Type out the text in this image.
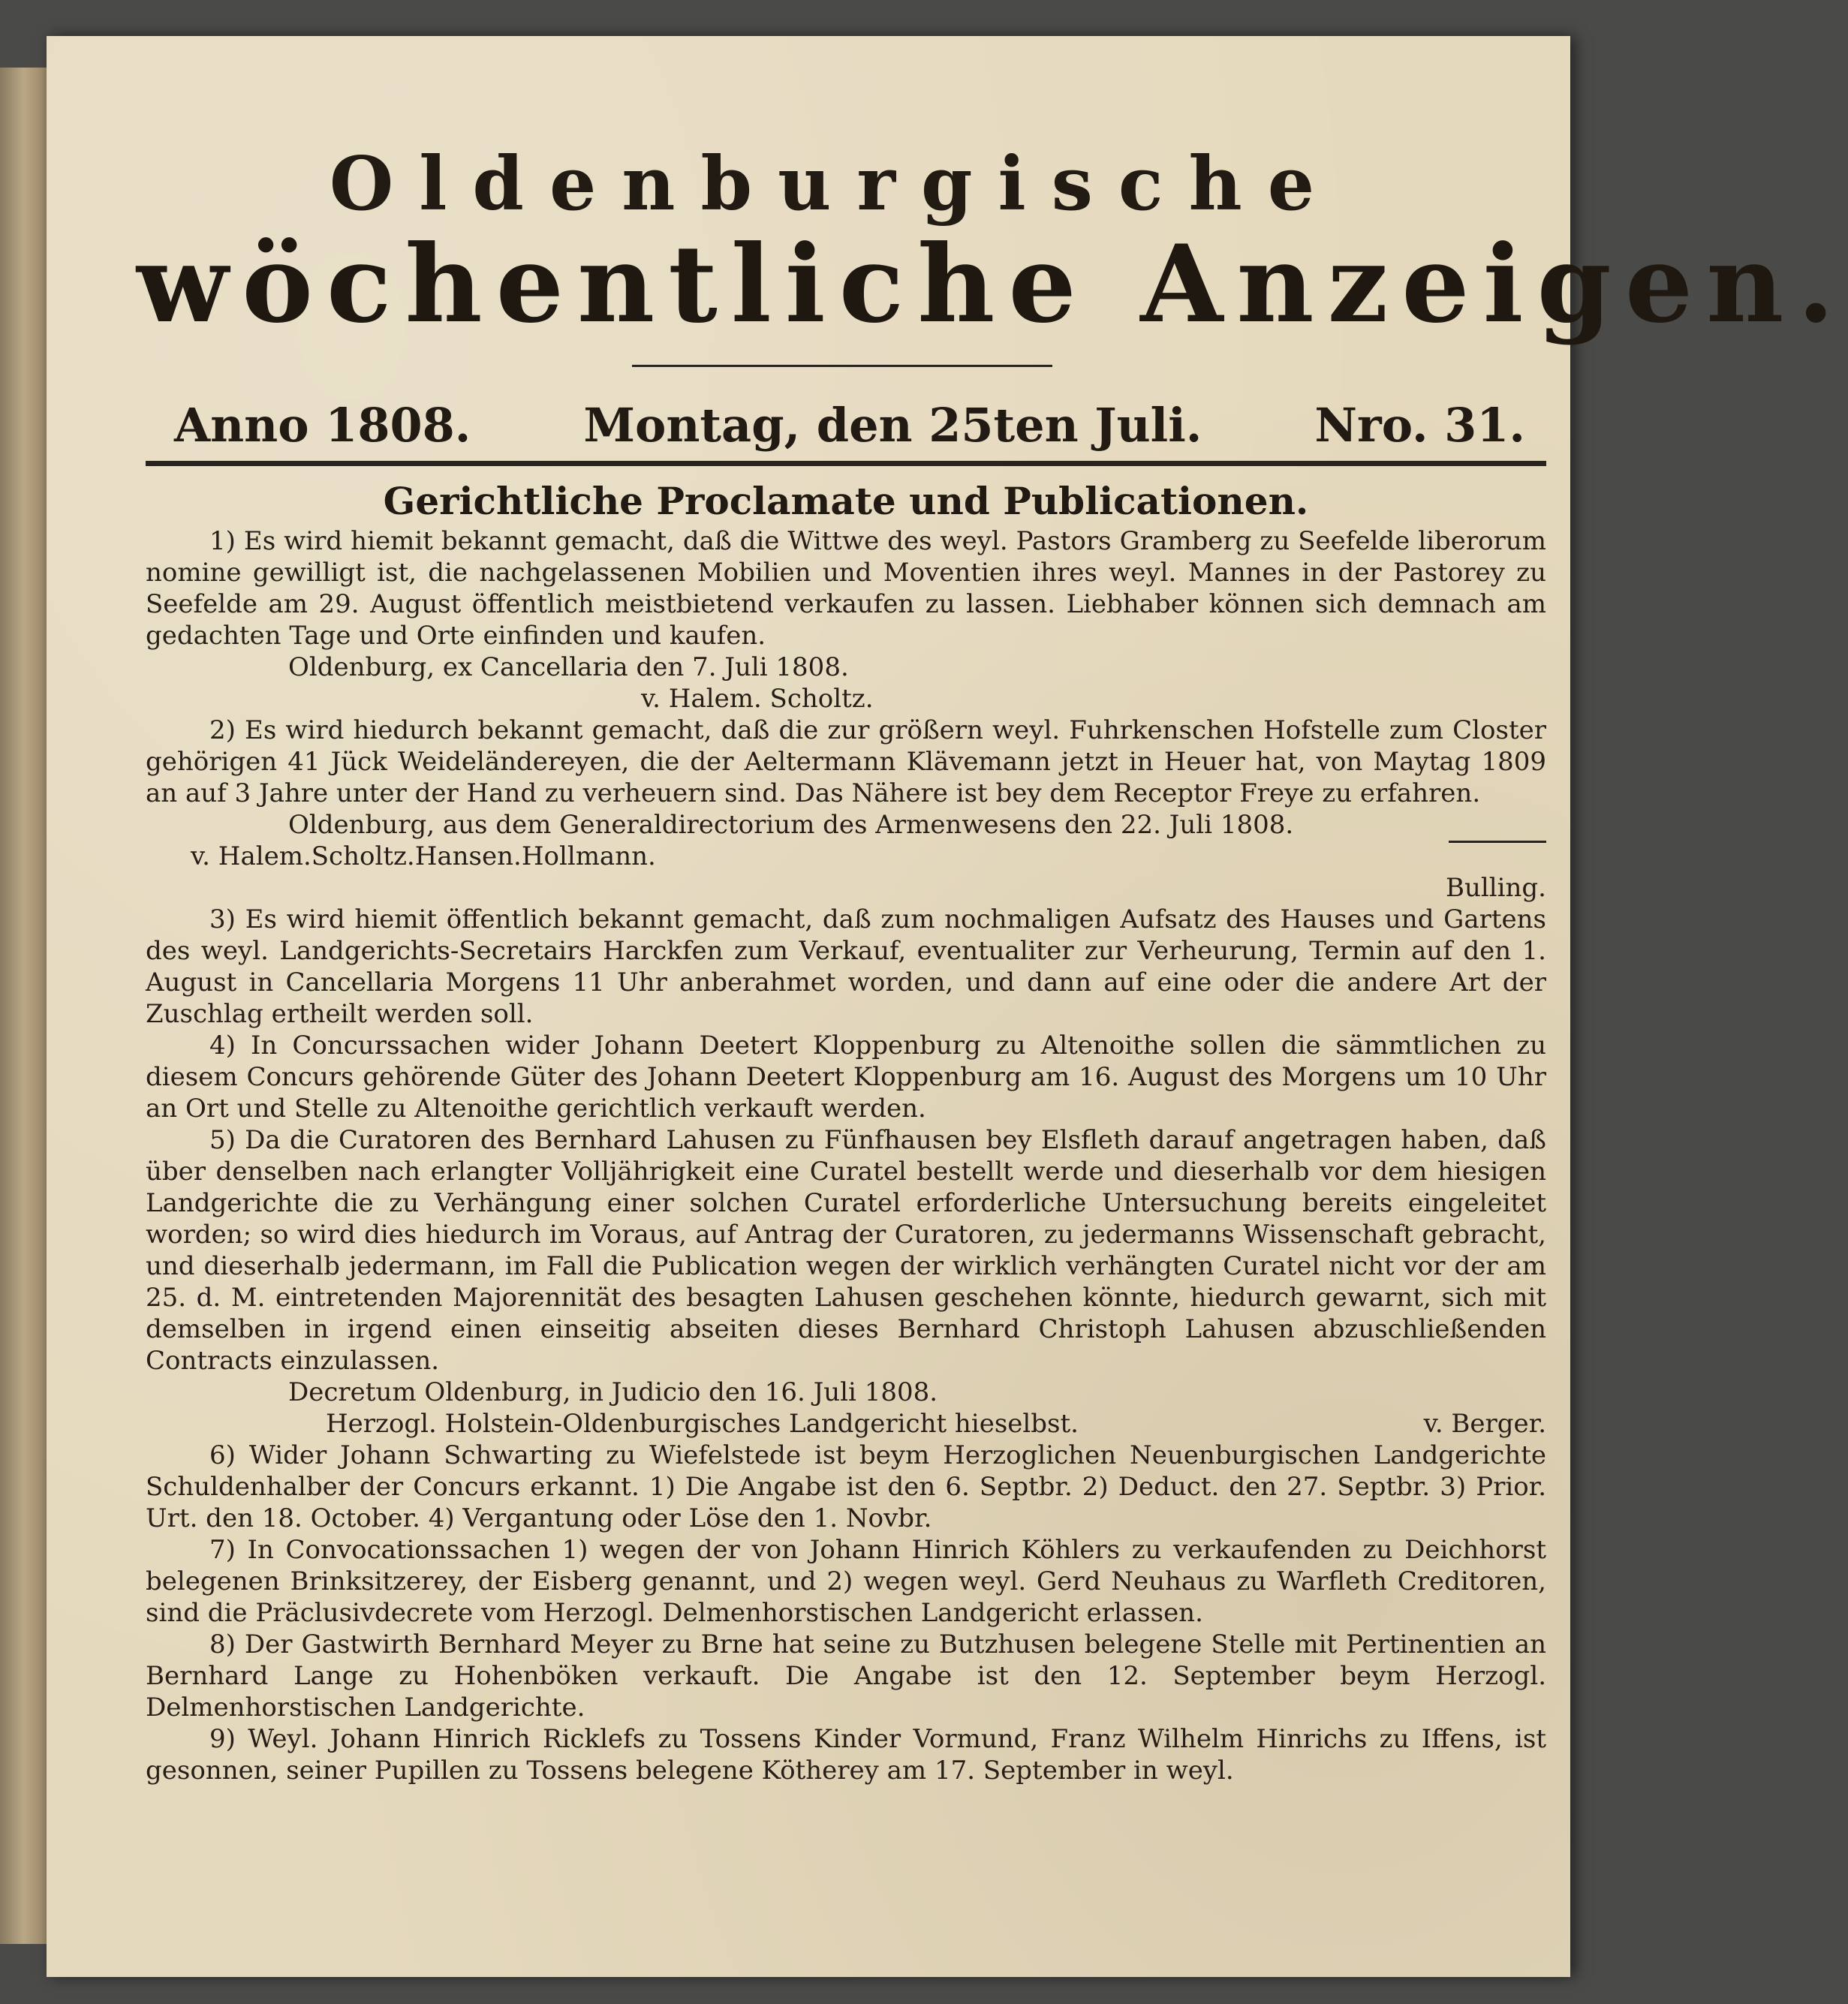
Oldenburgische
wöchentliche Anzeigen.
Anno 1808.	Montag, den 25ten Juli.	Nro. 31.
Gerichtliche Proclamate und Publicationen.

1) Es wird hiemit bekannt gemacht, daß die Wittwe des weyl. Pastors Gramberg zu Seefelde liberorum nomine gewilligt ist, die nachgelassenen Mobilien und Moventien ihres weyl. Mannes in der Pastorey zu Seefelde am 29. August öffentlich meistbietend verkaufen zu lassen. Liebhaber können sich demnach am gedachten Tage und Orte einfinden und kaufen.

Oldenburg, ex Cancellaria den 7. Juli 1808.

v. Halem. Scholtz.

2) Es wird hiedurch bekannt gemacht, daß die zur größern weyl. Fuhrkenschen Hofstelle zum Closter gehörigen 41 Jück Weideländereyen, die der Aeltermann Klävemann jetzt in Heuer hat, von Maytag 1809 an auf 3 Jahre unter der Hand zu verheuern sind. Das Nähere ist bey dem Receptor Freye zu erfahren.

Oldenburg, aus dem Generaldirectorium des Armenwesens den 22. Juli 1808.

v. Halem. Scholtz. Hansen. Hollmann.

Bulling.

3) Es wird hiemit öffentlich bekannt gemacht, daß zum nochmaligen Aufsatz des Hauses und Gartens des weyl. Landgerichts-Secretairs Harckfen zum Verkauf, eventualiter zur Verheurung, Termin auf den 1. August in Cancellaria Morgens 11 Uhr anberahmet worden, und dann auf eine oder die andere Art der Zuschlag ertheilt werden soll.

4) In Concurssachen wider Johann Deetert Kloppenburg zu Altenoithe sollen die sämmtlichen zu diesem Concurs gehörende Güter des Johann Deetert Kloppenburg am 16. August des Morgens um 10 Uhr an Ort und Stelle zu Altenoithe gerichtlich verkauft werden.

5) Da die Curatoren des Bernhard Lahusen zu Fünfhausen bey Elsfleth darauf angetragen haben, daß über denselben nach erlangter Volljährigkeit eine Curatel bestellt werde und dieserhalb vor dem hiesigen Landgerichte die zu Verhängung einer solchen Curatel erforderliche Untersuchung bereits eingeleitet worden; so wird dies hiedurch im Voraus, auf Antrag der Curatoren, zu jedermanns Wissenschaft gebracht, und dieserhalb jedermann, im Fall die Publication wegen der wirklich verhängten Curatel nicht vor der am 25. d. M. eintretenden Majorennität des besagten Lahusen geschehen könnte, hiedurch gewarnt, sich mit demselben in irgend einen einseitig abseiten dieses Bernhard Christoph Lahusen abzuschließenden Contracts einzulassen.

Decretum Oldenburg, in Judicio den 16. Juli 1808.

Herzogl. Holstein-Oldenburgisches Landgericht hieselbst.	v. Berger.

6) Wider Johann Schwarting zu Wiefelstede ist beym Herzoglichen Neuenburgischen Landgerichte Schuldenhalber der Concurs erkannt. 1) Die Angabe ist den 6. Septbr. 2) Deduct. den 27. Septbr. 3) Prior. Urt. den 18. October. 4) Vergantung oder Löse den 1. Novbr.

7) In Convocationssachen 1) wegen der von Johann Hinrich Köhlers zu verkaufenden zu Deichhorst belegenen Brinksitzerey, der Eisberg genannt, und 2) wegen weyl. Gerd Neuhaus zu Warfleth Creditoren, sind die Präclusivdecrete vom Herzogl. Delmenhorstischen Landgericht erlassen.

8) Der Gastwirth Bernhard Meyer zu Brne hat seine zu Butzhusen belegene Stelle mit Pertinentien an Bernhard Lange zu Hohenböken verkauft. Die Angabe ist den 12. September beym Herzogl. Delmenhorstischen Landgerichte.

9) Weyl. Johann Hinrich Ricklefs zu Tossens Kinder Vormund, Franz Wilhelm Hinrichs zu Iffens, ist gesonnen, seiner Pupillen zu Tossens belegene Kötherey am 17. September in weyl.
